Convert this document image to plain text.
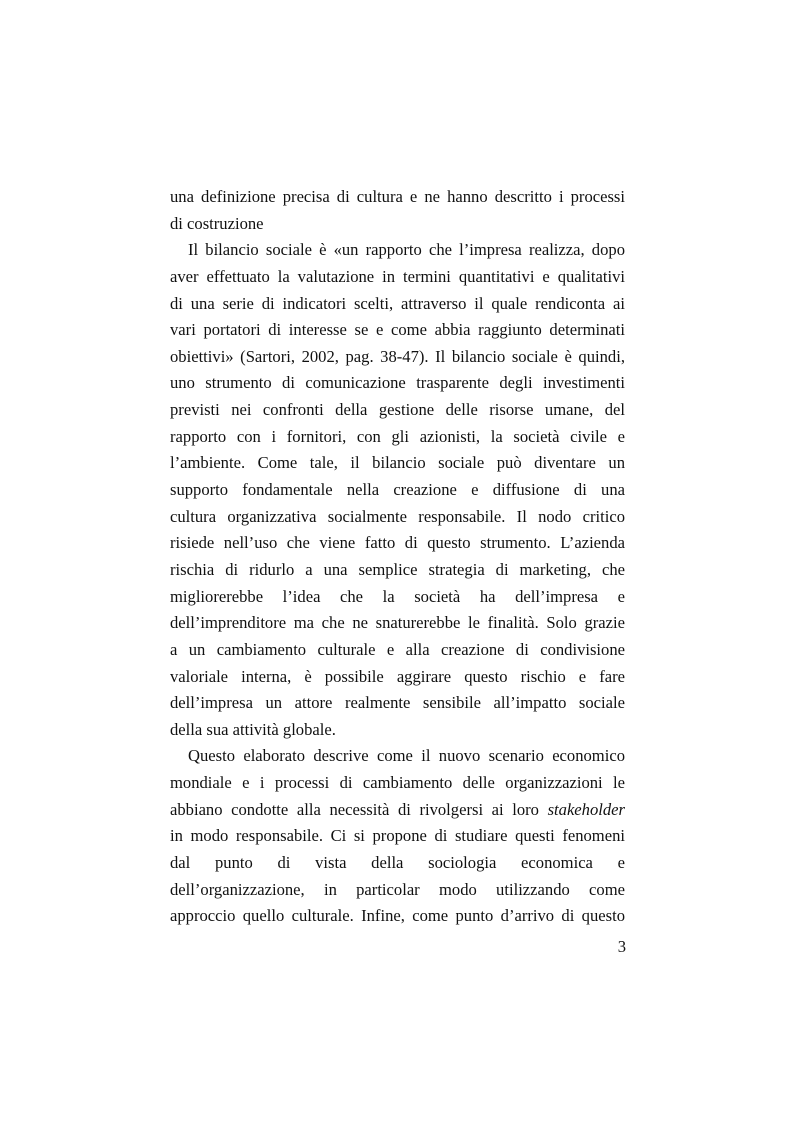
una definizione precisa di cultura e ne hanno descritto i processi
di costruzione
Il bilancio sociale è «un rapporto che l’impresa realizza, dopo
aver effettuato la valutazione in termini quantitativi e qualitativi
di una serie di indicatori scelti, attraverso il quale rendiconta ai
vari portatori di interesse se e come abbia raggiunto determinati
obiettivi» (Sartori, 2002, pag. 38-47). Il bilancio sociale è quindi,
uno strumento di comunicazione trasparente degli investimenti
previsti nei confronti della gestione delle risorse umane, del
rapporto con i fornitori, con gli azionisti, la società civile e
l’ambiente. Come tale, il bilancio sociale può diventare un
supporto fondamentale nella creazione e diffusione di una
cultura organizzativa socialmente responsabile. Il nodo critico
risiede nell’uso che viene fatto di questo strumento. L’azienda
rischia di ridurlo a una semplice strategia di marketing, che
migliorerebbe l’idea che la società ha dell’impresa e
dell’imprenditore ma che ne snaturerebbe le finalità. Solo grazie
a un cambiamento culturale e alla creazione di condivisione
valoriale interna, è possibile aggirare questo rischio e fare
dell’impresa un attore realmente sensibile all’impatto sociale
della sua attività globale.
Questo elaborato descrive come il nuovo scenario economico
mondiale e i processi di cambiamento delle organizzazioni le
abbiano condotte alla necessità di rivolgersi ai loro stakeholder
in modo responsabile. Ci si propone di studiare questi fenomeni
dal punto di vista della sociologia economica e
dell’organizzazione, in particolar modo utilizzando come
approccio quello culturale. Infine, come punto d’arrivo di questo
3
